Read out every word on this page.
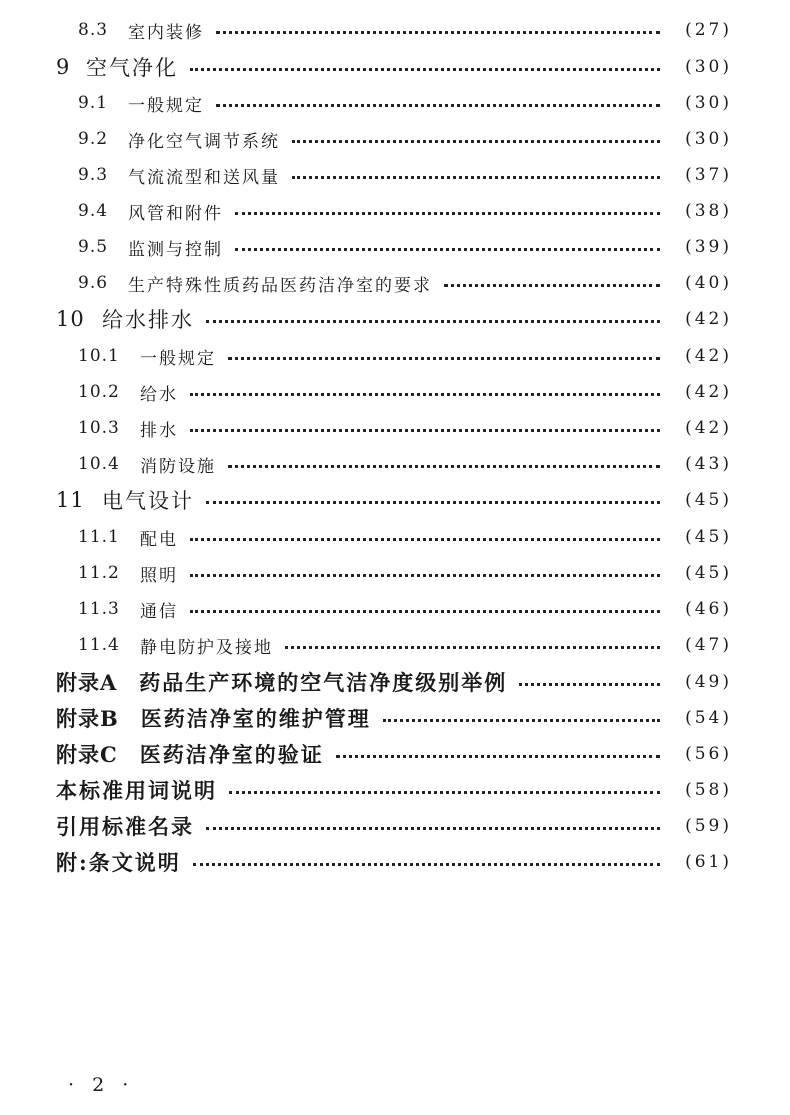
8.3	室内装修	(27)
9 空气净化	(30)
9.1	一般规定	(30)
9.2	净化空气调节系统	(30)
9.3	气流流型和送风量	(37)
9.4	风管和附件	(38)
9.5	监测与控制	(39)
9.6	生产特殊性质药品医药洁净室的要求	(40)
10 给水排水	(42)
10.1	一般规定	(42)
10.2	给水	(42)
10.3	排水	(42)
10.4	消防设施	(43)
11 电气设计	(45)
11.1	配电	(45)
11.2	照明	(45)
11.3	通信	(46)
11.4	静电防护及接地	(47)
附录A 药品生产环境的空气洁净度级别举例	(49)
附录B 医药洁净室的维护管理	(54)
附录C 医药洁净室的验证	(56)
本标准用词说明	(58)
引用标准名录	(59)
附:条文说明	(61)
· 2 ·
